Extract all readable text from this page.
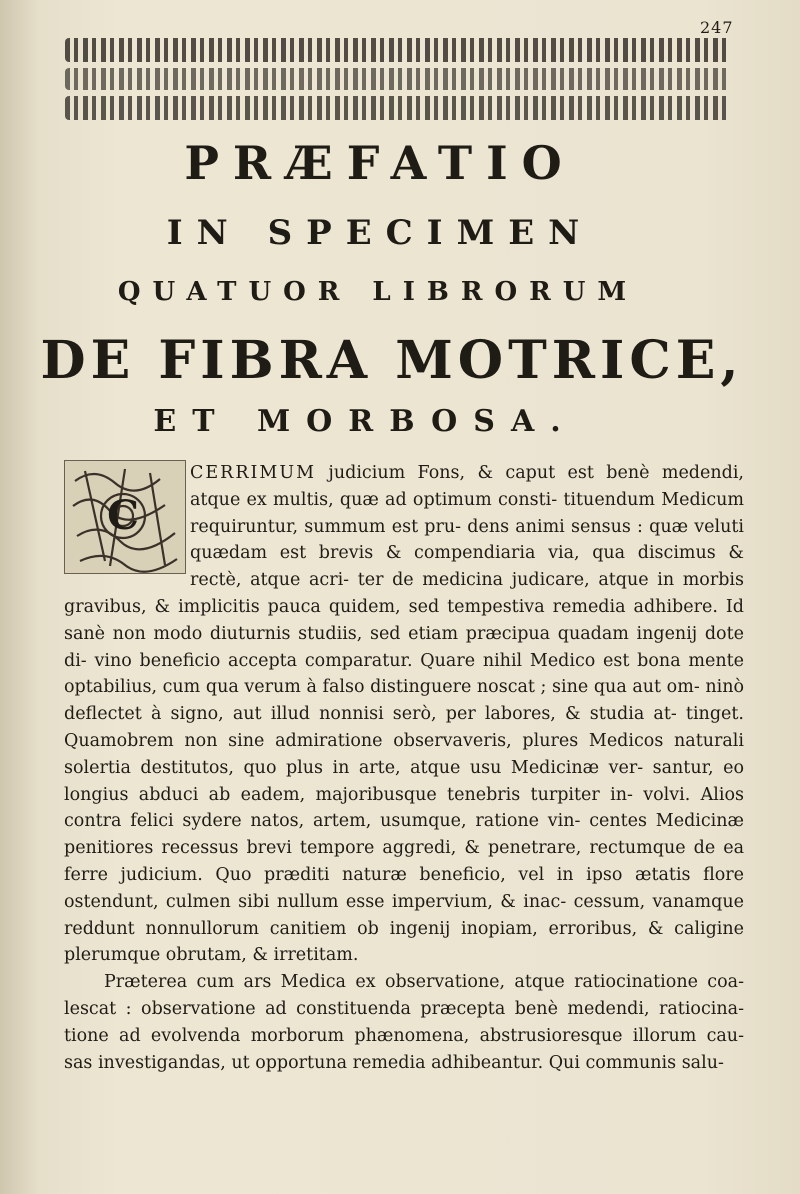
247
PRÆFATIO
IN SPECIMEN
QUATUOR LIBRORUM
DE FIBRA MOTRICE,
ET MORBOSA.
C

CERRIMUM judicium Fons, & caput est benè medendi, atque ex multis, quæ ad optimum consti- tituendum Medicum requiruntur, summum est pru- dens animi sensus : quæ veluti quædam est brevis & compendiaria via, qua discimus & rectè, atque acri- ter de medicina judicare, atque in morbis gravibus, & implicitis pauca quidem, sed tempestiva remedia adhibere. Id sanè non modo diuturnis studiis, sed etiam præcipua quadam ingenij dote di- vino beneficio accepta comparatur. Quare nihil Medico est bona mente optabilius, cum qua verum à falso distinguere noscat ; sine qua aut om- ninò deflectet à signo, aut illud nonnisi serò, per labores, & studia at- tinget. Quamobrem non sine admiratione observaveris, plures Medicos naturali solertia destitutos, quo plus in arte, atque usu Medicinæ ver- santur, eo longius abduci ab eadem, majoribusque tenebris turpiter in- volvi. Alios contra felici sydere natos, artem, usumque, ratione vin- centes Medicinæ penitiores recessus brevi tempore aggredi, & penetrare, rectumque de ea ferre judicium. Quo præditi naturæ beneficio, vel in ipso ætatis flore ostendunt, culmen sibi nullum esse impervium, & inac- cessum, vanamque reddunt nonnullorum canitiem ob ingenij inopiam, erroribus, & caligine plerumque obrutam, & irretitam.

Præterea cum ars Medica ex observatione, atque ratiocinatione coa- lescat : observatione ad constituenda præcepta benè medendi, ratiocina- tione ad evolvenda morborum phænomena, abstrusioresque illorum cau- sas investigandas, ut opportuna remedia adhibeantur. Qui communis salu-
